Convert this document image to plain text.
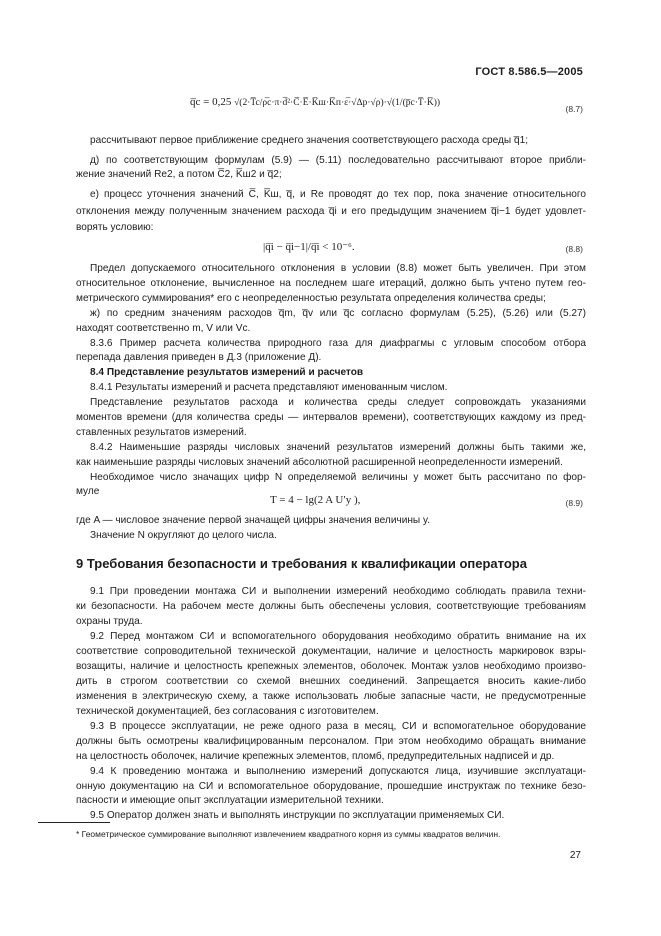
ГОСТ 8.586.5—2005
q̅c = 0,25 √(2·T̅c/ρ̅c·π·d̅²·C̅·E̅·K̅ш·K̅п·ε̅·√Δp·√ρ)·√(1/(p̅c·T̅·K̅))
(8.7)
рассчитывают первое приближение среднего значения соответствующего расхода среды q̅1;
д) по соответствующим формулам (5.9) — (5.11) последовательно рассчитывают второе прибли-
жение значений Re2, а потом C̅2, K̅ш2 и q̅2;
е) процесс уточнения значений C̅, K̅ш, q̅, и Re проводят до тех пор, пока значение относительного
отклонения между полученным значением расхода q̅i и его предыдущим значением q̅i−1 будет удовлет-
ворять условию:
|q̅i − q̅i−1|/q̅i < 10⁻⁶.	(8.8)
Предел допускаемого относительного отклонения в условии (8.8) может быть увеличен. При этом
относительное отклонение, вычисленное на последнем шаге итераций, должно быть учтено путем гео-
метрического суммирования* его с неопределенностью результата определения количества среды;
ж) по средним значениям расходов q̅m, q̅v или q̅c согласно формулам (5.25), (5.26) или (5.27)
находят соответственно m, V или Vc.
8.3.6 Пример расчета количества природного газа для диафрагмы с угловым способом отбора
перепада давления приведен в Д.3 (приложение Д).
8.4 Представление результатов измерений и расчетов
8.4.1 Результаты измерений и расчета представляют именованным числом.
Представление результатов расхода и количества среды следует сопровождать указаниями
моментов времени (для количества среды — интервалов времени), соответствующих каждому из пред-
ставленных результатов измерений.
8.4.2 Наименьшие разряды числовых значений результатов измерений должны быть такими же,
как наименьшие разряды числовых значений абсолютной расширенной неопределенности измерений.
Необходимое число значащих цифр N определяемой величины y может быть рассчитано по фор-
муле
T = 4 − lg(2 A U′y ),	(8.9)
где A — числовое значение первой значащей цифры значения величины y.
Значение N округляют до целого числа.
9 Требования безопасности и требования к квалификации оператора
9.1 При проведении монтажа СИ и выполнении измерений необходимо соблюдать правила техни-
ки безопасности. На рабочем месте должны быть обеспечены условия, соответствующие требованиям
охраны труда.
9.2 Перед монтажом СИ и вспомогательного оборудования необходимо обратить внимание на их
соответствие сопроводительной технической документации, наличие и целостность маркировок взры-
возащиты, наличие и целостность крепежных элементов, оболочек. Монтаж узлов необходимо произво-
дить в строгом соответствии со схемой внешних соединений. Запрещается вносить какие-либо
изменения в электрическую схему, а также использовать любые запасные части, не предусмотренные
технической документацией, без согласования с изготовителем.
9.3 В процессе эксплуатации, не реже одного раза в месяц, СИ и вспомогательное оборудование
должны быть осмотрены квалифицированным персоналом. При этом необходимо обращать внимание
на целостность оболочек, наличие крепежных элементов, пломб, предупредительных надписей и др.
9.4 К проведению монтажа и выполнению измерений допускаются лица, изучившие эксплуатаци-
онную документацию на СИ и вспомогательное оборудование, прошедшие инструктаж по технике безо-
пасности и имеющие опыт эксплуатации измерительной техники.
9.5 Оператор должен знать и выполнять инструкции по эксплуатации применяемых СИ.
* Геометрическое суммирование выполняют извлечением квадратного корня из суммы квадратов величин.
27
